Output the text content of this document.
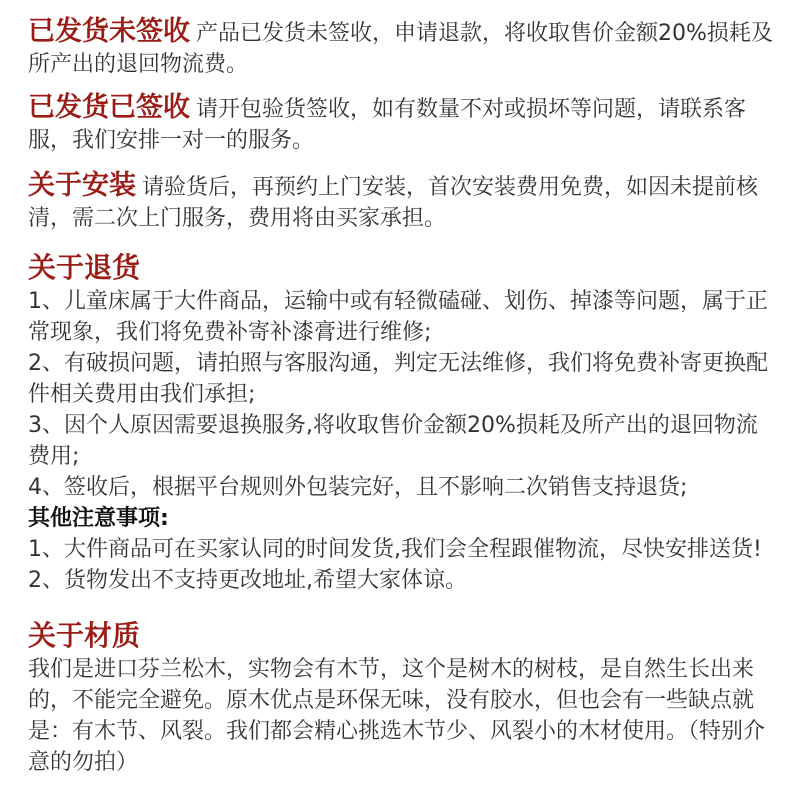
已发货未签收 产品已发货未签收，申请退款，将收取售价金额20%损耗及所产出的退回物流费。

已发货已签收 请开包验货签收，如有数量不对或损坏等问题，请联系客服，我们安排一对一的服务。

关于安装 请验货后，再预约上门安装，首次安装费用免费，如因未提前核清，需二次上门服务，费用将由买家承担。

关于退货

1、儿童床属于大件商品，运输中或有轻微磕碰、划伤、掉漆等问题，属于正常现象，我们将免费补寄补漆膏进行维修;

2、有破损问题，请拍照与客服沟通，判定无法维修，我们将免费补寄更换配件相关费用由我们承担;

3、因个人原因需要退换服务,将收取售价金额20%损耗及所产出的退回物流费用;

4、签收后，根据平台规则外包装完好，且不影响二次销售支持退货;

其他注意事项:

1、大件商品可在买家认同的时间发货,我们会全程跟催物流，尽快安排送货!

2、货物发出不支持更改地址,希望大家体谅。

关于材质

我们是进口芬兰松木，实物会有木节，这个是树木的树枝，是自然生长出来的，不能完全避免。原木优点是环保无味，没有胶水，但也会有一些缺点就是：有木节、风裂。我们都会精心挑选木节少、风裂小的木材使用。（特别介意的勿拍）
